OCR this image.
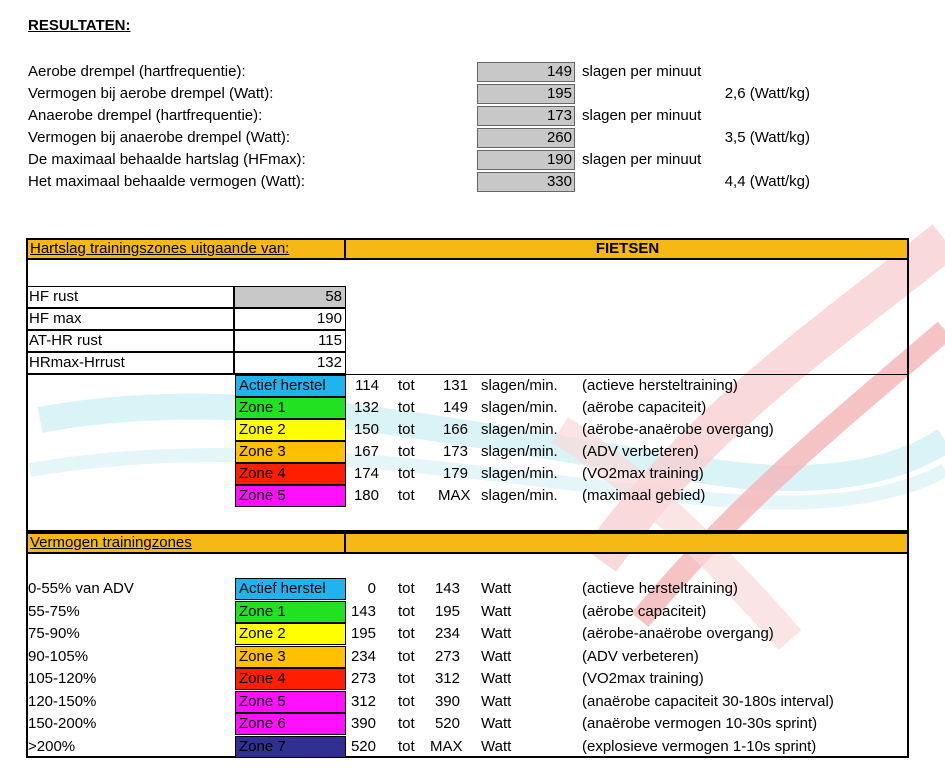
RESULTATEN:
Aerobe drempel (hartfrequentie):	149 slagen per minuut
Vermogen bij aerobe drempel (Watt):	195	2,6 (Watt/kg)
Anaerobe drempel (hartfrequentie):	173 slagen per minuut
Vermogen bij anaerobe drempel (Watt):	260	3,5 (Watt/kg)
De maximaal behaalde hartslag (HFmax):	190 slagen per minuut
Het maximaal behaalde vermogen (Watt):	330	4,4 (Watt/kg)
Hartslag trainingszones uitgaande van:	FIETSEN
HF rust	58
HF max	190
AT-HR rust	115
HRmax-Hrrust	132
Actief herstel	114 tot	131 slagen/min. (actieve hersteltraining)
Zone 1	132 tot	149 slagen/min. (aërobe capaciteit)
Zone 2	150 tot	166 slagen/min. (aërobe-anaërobe overgang)
Zone 3	167 tot	173 slagen/min. (ADV verbeteren)
Zone 4	174 tot	179 slagen/min. (VO2max training)
Zone 5	180 tot MAX slagen/min. (maximaal gebied)
Vermogen trainingzones
0-55% van ADV	Actief herstel	0 tot	143 Watt	(actieve hersteltraining)
55-75%	Zone 1	143 tot	195 Watt	(aërobe capaciteit)
75-90%	Zone 2	195 tot	234 Watt	(aërobe-anaërobe overgang)
90-105%	Zone 3	234 tot	273 Watt	(ADV verbeteren)
105-120%	Zone 4	273 tot	312 Watt	(VO2max training)
120-150%	Zone 5	312 tot	390 Watt	(anaërobe capaciteit 30-180s interval)
150-200%	Zone 6	390 tot	520 Watt	(anaërobe vermogen 10-30s sprint)
>200%	Zone 7	520 tot MAX Watt	(explosieve vermogen 1-10s sprint)
